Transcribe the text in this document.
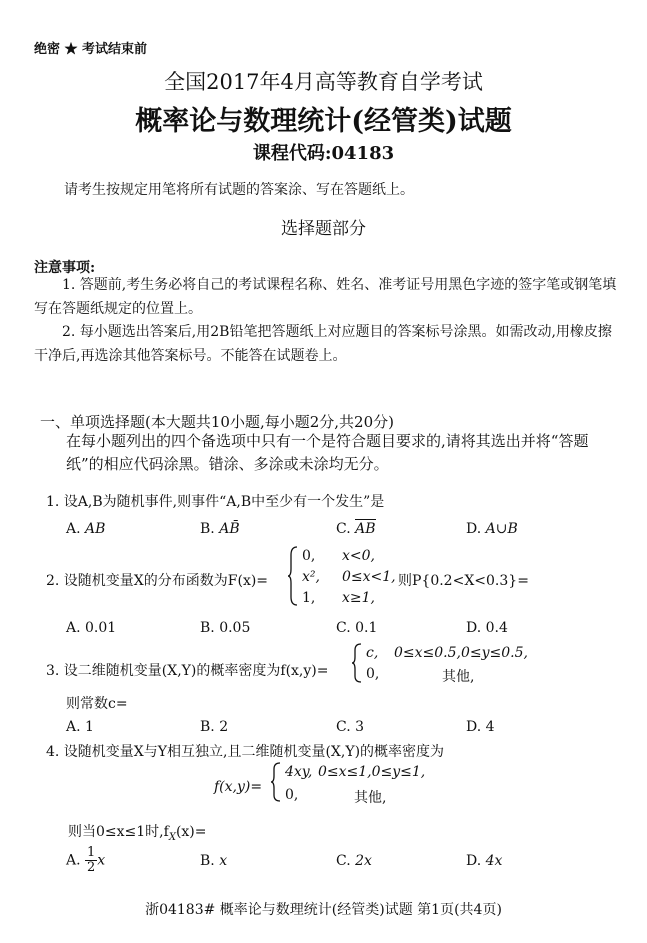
绝密 ★ 考试结束前
全国2017年4月高等教育自学考试
概率论与数理统计(经管类)试题
课程代码:04183
请考生按规定用笔将所有试题的答案涂、写在答题纸上。
选择题部分
注意事项:
1. 答题前,考生务必将自己的考试课程名称、姓名、准考证号用黑色字迹的签字笔或钢笔填写在答题纸规定的位置上。
2. 每小题选出答案后,用2B铅笔把答题纸上对应题目的答案标号涂黑。如需改动,用橡皮擦干净后,再选涂其他答案标号。不能答在试题卷上。
一、单项选择题(本大题共10小题,每小题2分,共20分)
在每小题列出的四个备选项中只有一个是符合题目要求的,请将其选出并将“答题纸”的相应代码涂黑。错涂、多涂或未涂均无分。
1. 设A,B为随机事件,则事件“A,B中至少有一个发生”是
A. AB	B. AB̄	C. AB	D. A∪B
2. 设随机变量X的分布函数为F(x)=
0, x<0,
x², 0≤x<1,
1, x≥1,
则P{0.2<X<0.3}=
A. 0.01	B. 0.05	C. 0.1	D. 0.4
3. 设二维随机变量(X,Y)的概率密度为f(x,y)=
c, 0≤x≤0.5,0≤y≤0.5,
0,	其他,
则常数c=
A. 1	B. 2	C. 3	D. 4
4. 设随机变量X与Y相互独立,且二维随机变量(X,Y)的概率密度为
f(x,y)=
4xy, 0≤x≤1,0≤y≤1,
0,	其他,
则当0≤x≤1时$,f_X(x)=$
A. $\frac{1}{2}$ x	B. x	C. 2x	D. 4x
浙04183# 概率论与数理统计(经管类)试题 第1页(共4页)
